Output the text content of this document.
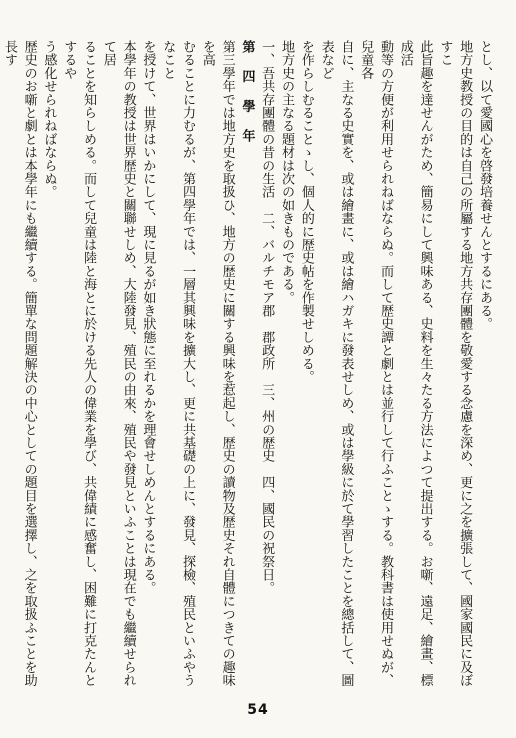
とし、以て愛國心を啓發培養せんとするにある。

地方史教授の目的は自己の所屬する地方共存團體を敬愛する念慮を深め、更に之を擴張して、國家國民に及ぼすこ

此旨趣を達せんがため、簡易にして興味ある、史料を生々たる方法によつて提出する。お噺、遠足、繪畫、標成活

動等の方便が利用せられねばならぬ。而して歴史譚と劇とは並行して行ふことゝする。教科書は使用せぬが、兒童各

自に、主なる史實を、或は繪畫に、或は繪ハガキに發表せしめ、或は學級に於て學習したことを總括して、圖表など

を作らしむることゝし、個人的に歴史帖を作製せしめる。

地方史の主なる題材は次の如きものである。

一、吾共存團體の昔の生活　二、バルチモア郡　郡政所　三、州の歴史　四、國民の祝祭日。

第 四 學 年

第三學年では地方史を取扱ひ、地方の歴史に關する興味を惹起し、歴史の讀物及歴史それ自體につきての趣味を高

むることに力むるが、第四學年では、一層其興味を擴大し、更に共基礎の上に、發見、探檢、殖民といふやうなこと

を授けて、世界はいかにして、現に見るが如き狀態に至れるかを理會せしめんとするにある。

本學年の教授は世界歴史と關聯せしめ、大陸發見、殖民の由來、殖民や發見といふことは現在でも繼續せられて居

ることを知らしめる。而して兒童は陸と海とに於ける先人の偉業を學び、共偉績に感奮し、困難に打克たんとするや

う感化せられねばならぬ。

歴史のお噺と劇とは本學年にも繼續する。簡單な問題解決の中心としての題目を選擇し、之を取扱ふことを助長す

54
